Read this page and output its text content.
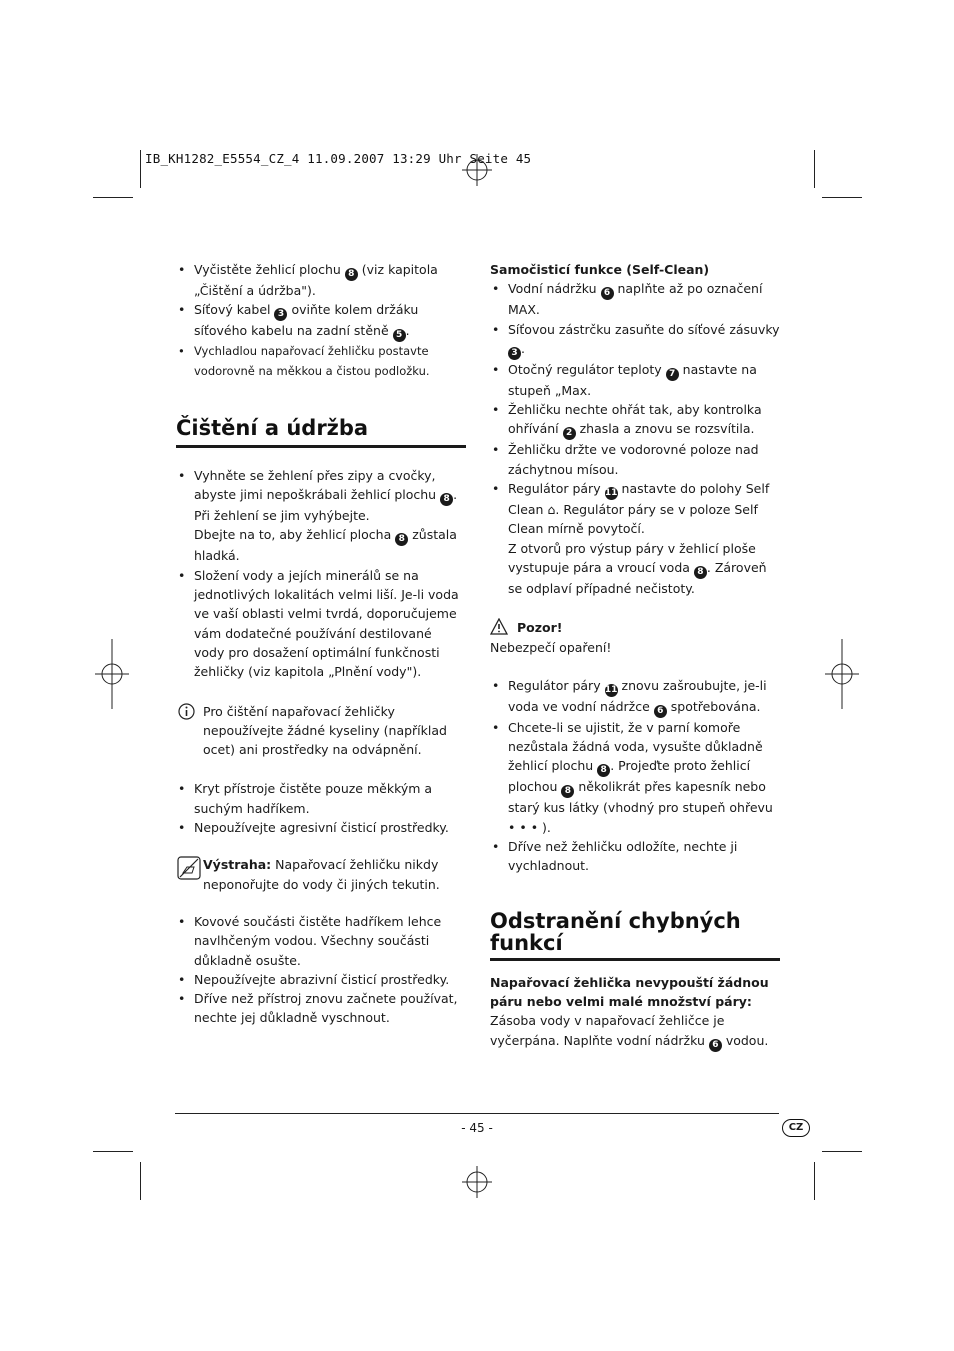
IB_KH1282_E5554_CZ_4 11.09.2007 13:29 Uhr Seite 45
• Vyčistěte žehlicí plochu 8 (viz kapitola „Čištění a údržba").
• Síťový kabel 3 oviňte kolem držáku síťového kabelu na zadní stěně 5 .
• Vychladlou napařovací žehličku postavte vodorovně na měkkou a čistou podložku.
Čištění a údržba
• Vyhněte se žehlení přes zipy a cvočky, abyste jimi nepoškrábali žehlicí plochu 8 . Při žehlení se jim vyhýbejte.
Dbejte na to, aby žehlicí plocha 8 zůstala hladká.
• Složení vody a jejích minerálů se na jednotlivých lokalitách velmi liší. Je-li voda ve vaší oblasti velmi tvrdá, doporučujeme vám dodatečné používání destilované vody pro dosažení optimální funkčnosti žehličky (viz kapitola „Plnění vody").
Pro čištění napařovací žehličky nepoužívejte žádné kyseliny (například ocet) ani prostředky na odvápnění.
• Kryt přístroje čistěte pouze měkkým a suchým hadříkem.
• Nepoužívejte agresivní čisticí prostředky.
Výstraha: Napařovací žehličku nikdy neponořujte do vody či jiných tekutin.
• Kovové součásti čistěte hadříkem lehce navlhčeným vodou. Všechny součásti důkladně osušte.
• Nepoužívejte abrazivní čisticí prostředky.
• Dříve než přístroj znovu začnete používat, nechte jej důkladně vyschnout.
Samočisticí funkce (Self-Clean)
• Vodní nádržku 6 naplňte až po označení MAX.
• Síťovou zástrčku zasuňte do síťové zásuvky 3 .
• Otočný regulátor teploty 7 nastavte na stupeň „Max.
• Žehličku nechte ohřát tak, aby kontrolka ohřívání 2 zhasla a znovu se rozsvítila.
• Žehličku držte ve vodorovné poloze nad záchytnou mísou.
• Regulátor páry 11 nastavte do polohy Self Clean ⌂. Regulátor páry se v poloze Self Clean mírně povytočí.
Z otvorů pro výstup páry v žehlicí ploše vystupuje pára a vroucí voda 8 . Zároveň se odplaví případné nečistoty.
Pozor!
Nebezpečí opaření!
• Regulátor páry 11 znovu zašroubujte, je-li voda ve vodní nádržce 6 spotřebována.
• Chcete-li se ujistit, že v parní komoře nezůstala žádná voda, vysušte důkladně žehlicí plochu 8 . Projeďte proto žehlicí plochou 8 několikrát přes kapesník nebo starý kus látky (vhodný pro stupeň ohřevu • • • ).
• Dříve než žehličku odložíte, nechte ji vychladnout.
Odstranění chybných funkcí
Napařovací žehlička nevypouští žádnou páru nebo velmi malé množství páry:
Zásoba vody v napařovací žehličce je vyčerpána. Naplňte vodní nádržku 6 vodou.
- 45 -	CZ
